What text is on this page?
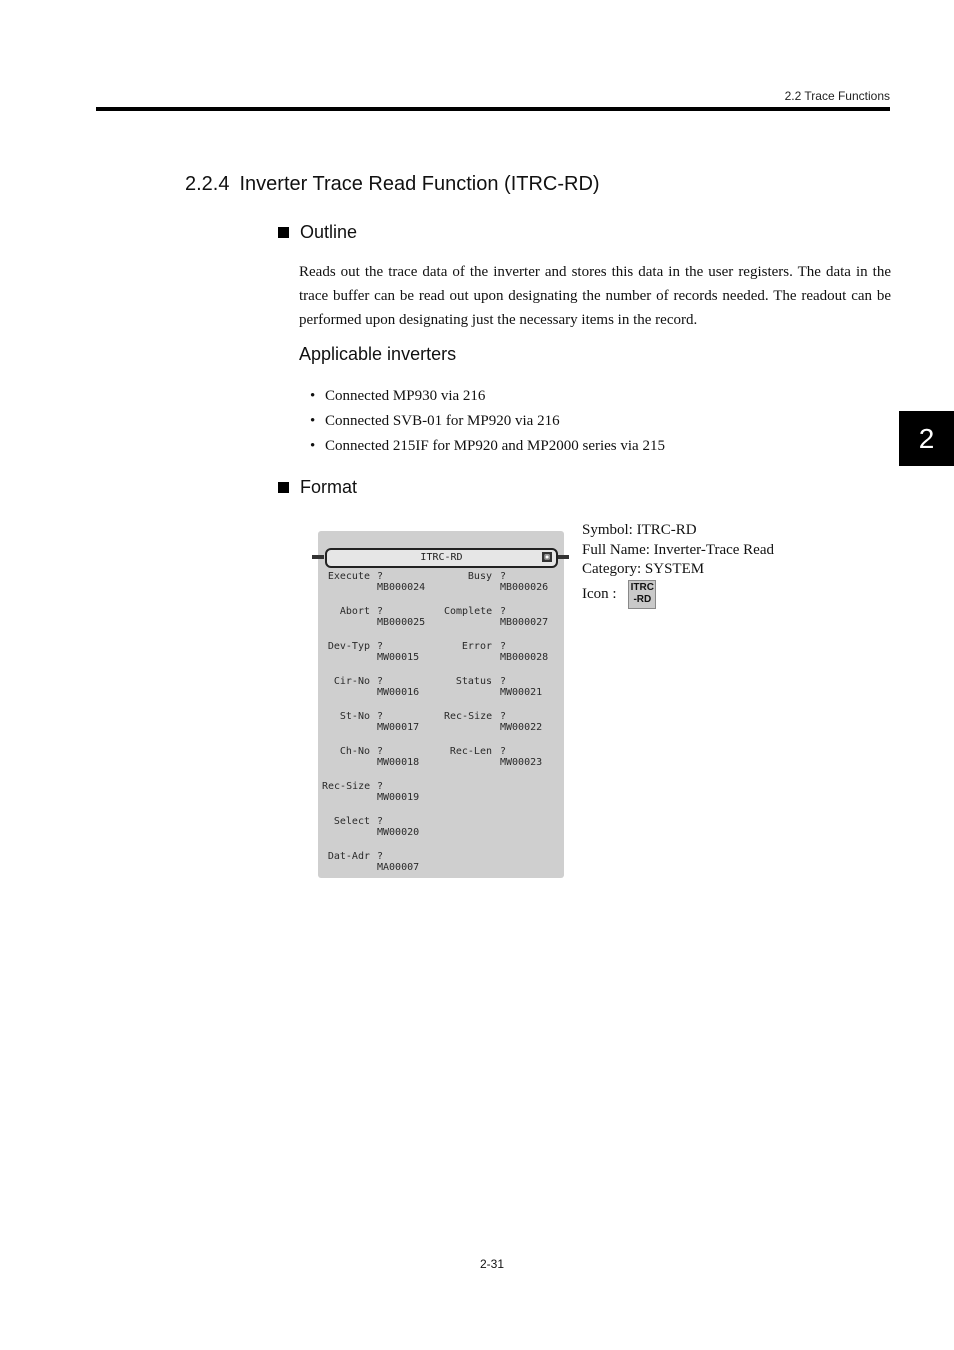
2.2 Trace Functions
2
2.2.4 Inverter Trace Read Function (ITRC-RD)
Outline
Reads out the trace data of the inverter and stores this data in the user registers. The data in the trace buffer can be read out upon designating the number of records needed. The readout can be performed upon designating just the necessary items in the record.
Applicable inverters
• Connected MP930 via 216
• Connected SVB-01 for MP920 via 216
• Connected 215IF for MP920 and MP2000 series via 215
Format
ITRC-RD	▣
Execute ?
MB000024
Abort ?
MB000025
Dev-Typ ?
MW00015
Cir-No ?
MW00016
St-No ?
MW00017
Ch-No ?
MW00018
Rec-Size ?
MW00019
Select ?
MW00020
Dat-Adr ?
MA00007
Busy ?
MB000026
Complete ?
MB000027
Error ?
MB000028
Status ?
MW00021
Rec-Size ?
MW00022
Rec-Len ?
MW00023
Symbol: ITRC-RD
Full Name: Inverter-Trace Read
Category: SYSTEM
Icon : ITRC
-RD
2-31
